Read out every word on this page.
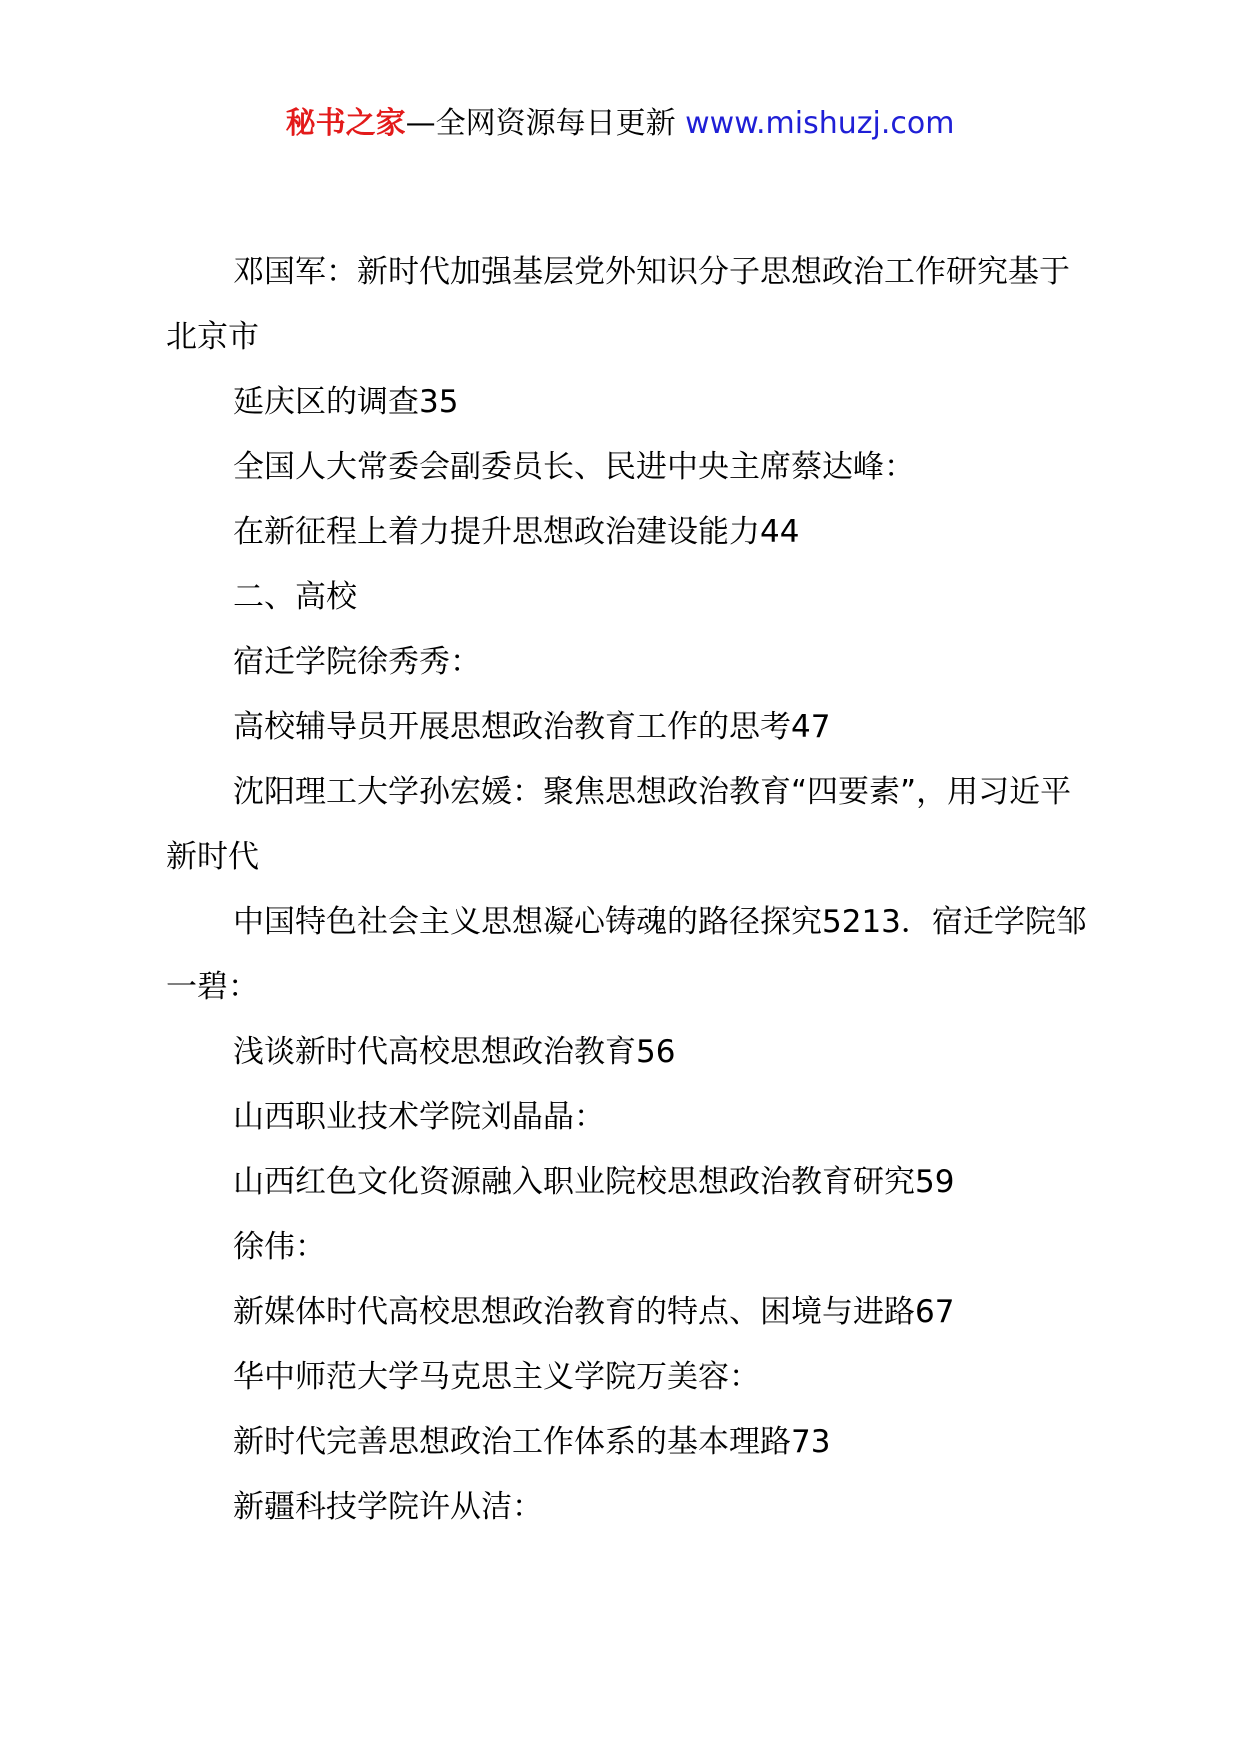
秘书之家—全网资源每日更新 www.mishuzj.com

邓国军：新时代加强基层党外知识分子思想政治工作研究基于北京市

延庆区的调查35

全国人大常委会副委员长、民进中央主席蔡达峰：

在新征程上着力提升思想政治建设能力44

二、高校

宿迁学院徐秀秀：

高校辅导员开展思想政治教育工作的思考47

沈阳理工大学孙宏媛：聚焦思想政治教育“四要素”，用习近平新时代

中国特色社会主义思想凝心铸魂的路径探究5213．宿迁学院邹一碧：

浅谈新时代高校思想政治教育56

山西职业技术学院刘晶晶：

山西红色文化资源融入职业院校思想政治教育研究59

徐伟：

新媒体时代高校思想政治教育的特点、困境与进路67

华中师范大学马克思主义学院万美容：

新时代完善思想政治工作体系的基本理路73

新疆科技学院许从洁：
